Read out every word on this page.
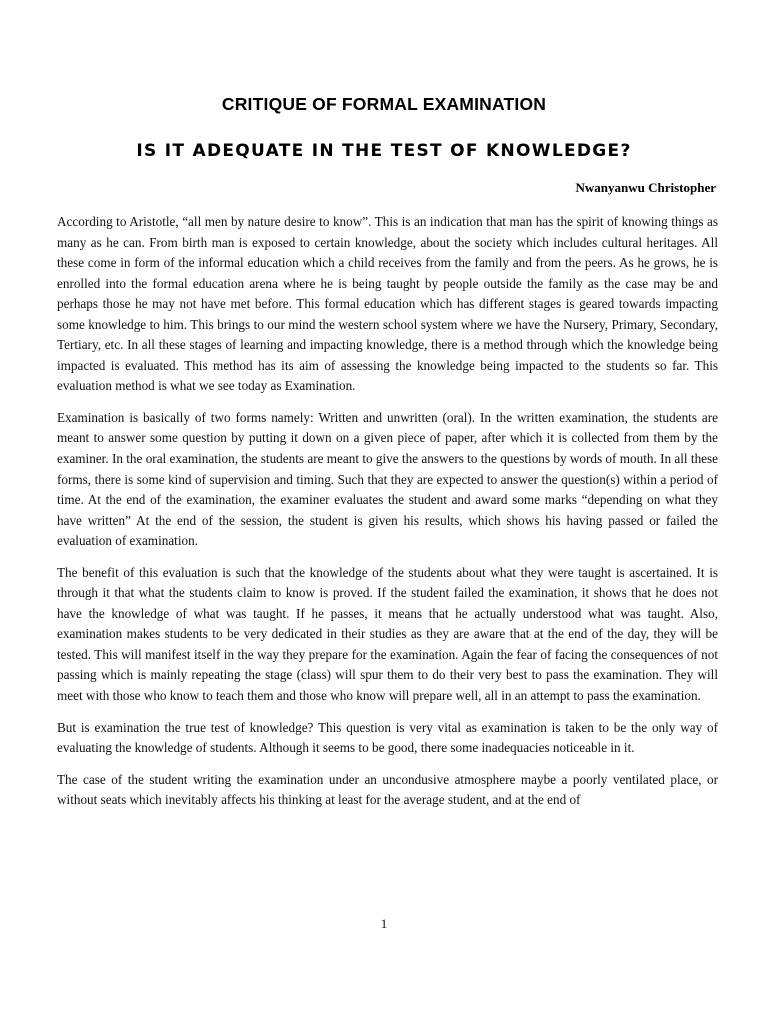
CRITIQUE OF FORMAL EXAMINATION
IS IT ADEQUATE IN THE TEST OF KNOWLEDGE?
Nwanyanwu Christopher

According to Aristotle, “all men by nature desire to know”. This is an indication that man has the spirit of knowing things as many as he can. From birth man is exposed to certain knowledge, about the society which includes cultural heritages. All these come in form of the informal education which a child receives from the family and from the peers. As he grows, he is enrolled into the formal education arena where he is being taught by people outside the family as the case may be and perhaps those he may not have met before. This formal education which has different stages is geared towards impacting some knowledge to him. This brings to our mind the western school system where we have the Nursery, Primary, Secondary, Tertiary, etc. In all these stages of learning and impacting knowledge, there is a method through which the knowledge being impacted is evaluated. This method has its aim of assessing the knowledge being impacted to the students so far. This evaluation method is what we see today as Examination.

Examination is basically of two forms namely: Written and unwritten (oral). In the written examination, the students are meant to answer some question by putting it down on a given piece of paper, after which it is collected from them by the examiner. In the oral examination, the students are meant to give the answers to the questions by words of mouth. In all these forms, there is some kind of supervision and timing. Such that they are expected to answer the question(s) within a period of time. At the end of the examination, the examiner evaluates the student and award some marks “depending on what they have written” At the end of the session, the student is given his results, which shows his having passed or failed the evaluation of examination.

The benefit of this evaluation is such that the knowledge of the students about what they were taught is ascertained. It is through it that what the students claim to know is proved. If the student failed the examination, it shows that he does not have the knowledge of what was taught. If he passes, it means that he actually understood what was taught. Also, examination makes students to be very dedicated in their studies as they are aware that at the end of the day, they will be tested. This will manifest itself in the way they prepare for the examination. Again the fear of facing the consequences of not passing which is mainly repeating the stage (class) will spur them to do their very best to pass the examination. They will meet with those who know to teach them and those who know will prepare well, all in an attempt to pass the examination.

But is examination the true test of knowledge? This question is very vital as examination is taken to be the only way of evaluating the knowledge of students. Although it seems to be good, there some inadequacies noticeable in it.

The case of the student writing the examination under an uncondusive atmosphere maybe a poorly ventilated place, or without seats which inevitably affects his thinking at least for the average student, and at the end of

1
